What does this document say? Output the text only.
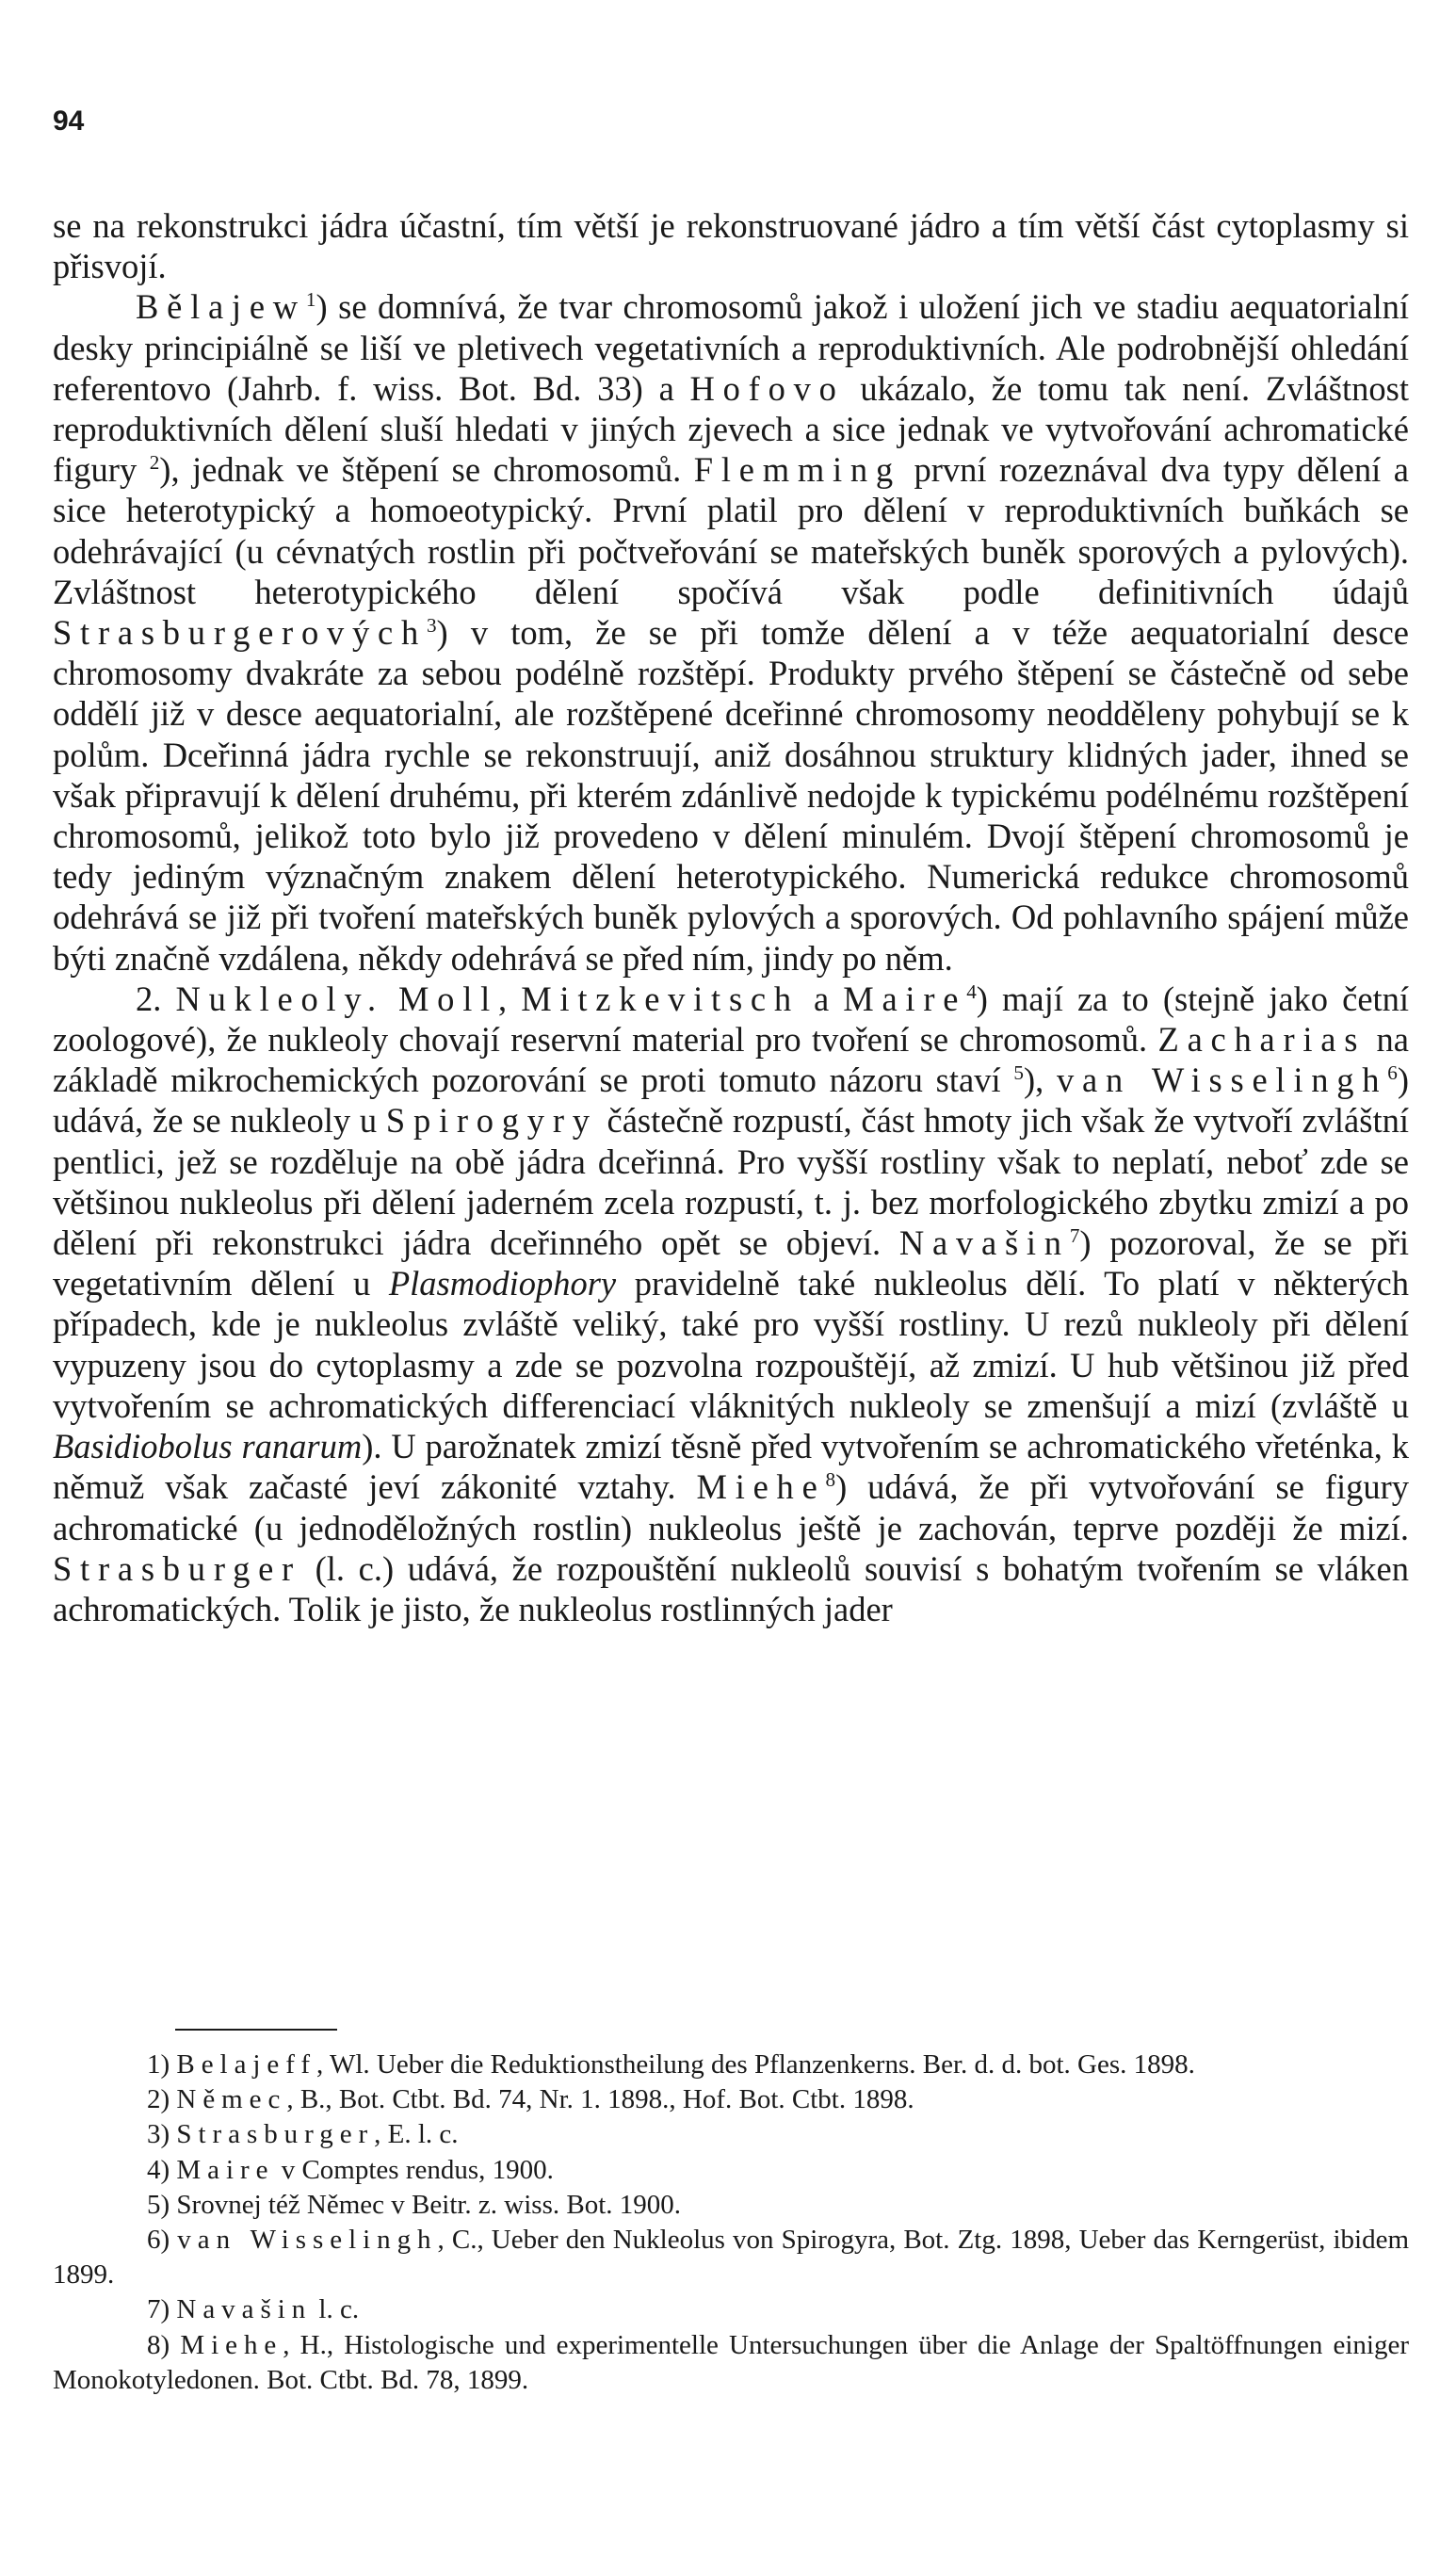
94

se na rekonstrukci jádra účastní, tím větší je rekonstruované jádro a tím větší část cytoplasmy si přisvojí.

Bělajew$^1$) se domnívá, že tvar chromosomů jakož i uložení jich ve stadiu aequatorialní desky principiálně se liší ve pletivech vegetativních a reproduktivních. Ale podrobnější ohledání referentovo (Jahrb. f. wiss. Bot. Bd. 33) a Hofovo ukázalo, že tomu tak není. Zvláštnost reproduktivních dělení sluší hledati v jiných zjevech a sice jednak ve vytvořování achromatické figury $^2$), jednak ve štěpení se chromosomů. Flemming první rozeznával dva typy dělení a sice heterotypický a homoeotypický. První platil pro dělení v reproduktivních buňkách se odehrávající (u cévnatých rostlin při počtveřování se mateřských buněk sporových a pylových). Zvláštnost heterotypického dělení spočívá však podle definitivních údajů Strasburgerových$^3$) v tom, že se při tomže dělení a v téže aequatorialní desce chromosomy dvakráte za sebou podélně rozštěpí. Produkty prvého štěpení se částečně od sebe oddělí již v desce aequatorialní, ale rozštěpené dceřinné chromosomy neodděleny pohybují se k polům. Dceřinná jádra rychle se rekonstruují, aniž dosáhnou struktury klidných jader, ihned se však připravují k dělení druhému, při kterém zdánlivě nedojde k typickému podélnému rozštěpení chromosomů, jelikož toto bylo již provedeno v dělení minulém. Dvojí štěpení chromosomů je tedy jediným význačným znakem dělení heterotypického. Numerická redukce chromosomů odehrává se již při tvoření mateřských buněk pylových a sporových. Od pohlavního spájení může býti značně vzdálena, někdy odehrává se před ním, jindy po něm.

2. Nukleoly. Moll, Mitzkevitsch a Maire$^4$) mají za to (stejně jako četní zoologové), že nukleoly chovají reservní material pro tvoření se chromosomů. Zacharias na základě mikrochemických pozorování se proti tomuto názoru staví $^5$), van Wisselingh$^6$) udává, že se nukleoly u Spirogyry částečně rozpustí, část hmoty jich však že vytvoří zvláštní pentlici, jež se rozděluje na obě jádra dceřinná. Pro vyšší rostliny však to neplatí, neboť zde se většinou nukleolus při dělení jaderném zcela rozpustí, t. j. bez morfologického zbytku zmizí a po dělení při rekonstrukci jádra dceřinného opět se objeví. Navašin$^7$) pozoroval, že se při vegetativním dělení u Plasmodiophory pravidelně také nukleolus dělí. To platí v některých případech, kde je nukleolus zvláště veliký, také pro vyšší rostliny. U rezů nukleoly při dělení vypuzeny jsou do cytoplasmy a zde se pozvolna rozpouštějí, až zmizí. U hub většinou již před vytvořením se achromatických differenciací vláknitých nukleoly se zmenšují a mizí (zvláště u Basidiobolus ranarum). U parožnatek zmizí těsně před vytvořením se achromatického vřeténka, k němuž však začasté jeví zákonité vztahy. Miehe$^8$) udává, že při vytvořování se figury achromatické (u jednoděložných rostlin) nukleolus ještě je zachován, teprve později že mizí. Strasburger (l. c.) udává, že rozpouštění nukleolů souvisí s bohatým tvořením se vláken achromatických. Tolik je jisto, že nukleolus rostlinných jader

1) Belajeff, Wl. Ueber die Reduktionstheilung des Pflanzenkerns. Ber. d. d. bot. Ges. 1898.

2) Němec, B., Bot. Ctbt. Bd. 74, Nr. 1. 1898., Hof. Bot. Ctbt. 1898.

3) Strasburger, E. l. c.

4) Maire v Comptes rendus, 1900.

5) Srovnej též Němec v Beitr. z. wiss. Bot. 1900.

6) van Wisselingh, C., Ueber den Nukleolus von Spirogyra, Bot. Ztg. 1898, Ueber das Kerngerüst, ibidem 1899.

7) Navašin l. c.

8) Miehe, H., Histologische und experimentelle Untersuchungen über die Anlage der Spaltöffnungen einiger Monokotyledonen. Bot. Ctbt. Bd. 78, 1899.
